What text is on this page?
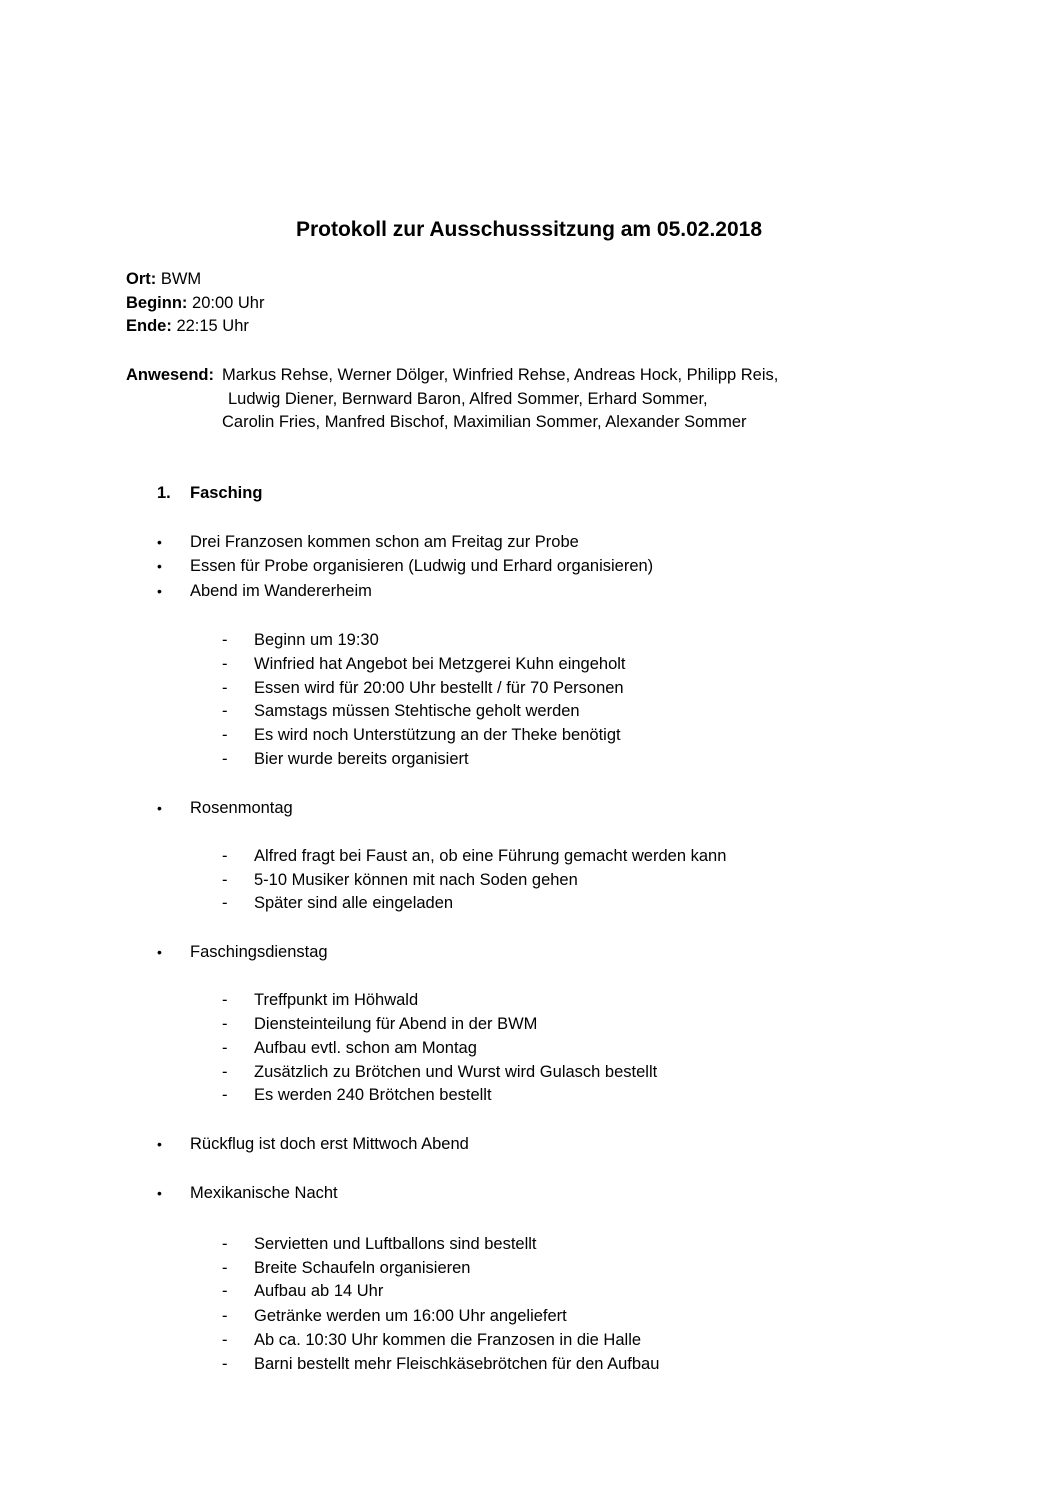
Protokoll zur Ausschusssitzung am 05.02.2018
Ort: BWM
Beginn: 20:00 Uhr
Ende: 22:15 Uhr
Anwesend: Markus Rehse, Werner Dölger, Winfried Rehse, Andreas Hock, Philipp Reis,
Ludwig Diener, Bernward Baron, Alfred Sommer, Erhard Sommer,
Carolin Fries, Manfred Bischof, Maximilian Sommer, Alexander Sommer
1. Fasching
• Drei Franzosen kommen schon am Freitag zur Probe
• Essen für Probe organisieren (Ludwig und Erhard organisieren)
• Abend im Wandererheim
- Beginn um 19:30
- Winfried hat Angebot bei Metzgerei Kuhn eingeholt
- Essen wird für 20:00 Uhr bestellt / für 70 Personen
- Samstags müssen Stehtische geholt werden
- Es wird noch Unterstützung an der Theke benötigt
- Bier wurde bereits organisiert
• Rosenmontag
- Alfred fragt bei Faust an, ob eine Führung gemacht werden kann
- 5-10 Musiker können mit nach Soden gehen
- Später sind alle eingeladen
• Faschingsdienstag
- Treffpunkt im Höhwald
- Diensteinteilung für Abend in der BWM
- Aufbau evtl. schon am Montag
- Zusätzlich zu Brötchen und Wurst wird Gulasch bestellt
- Es werden 240 Brötchen bestellt
• Rückflug ist doch erst Mittwoch Abend
• Mexikanische Nacht
- Servietten und Luftballons sind bestellt
- Breite Schaufeln organisieren
- Aufbau ab 14 Uhr
- Getränke werden um 16:00 Uhr angeliefert
- Ab ca. 10:30 Uhr kommen die Franzosen in die Halle
- Barni bestellt mehr Fleischkäsebrötchen für den Aufbau
